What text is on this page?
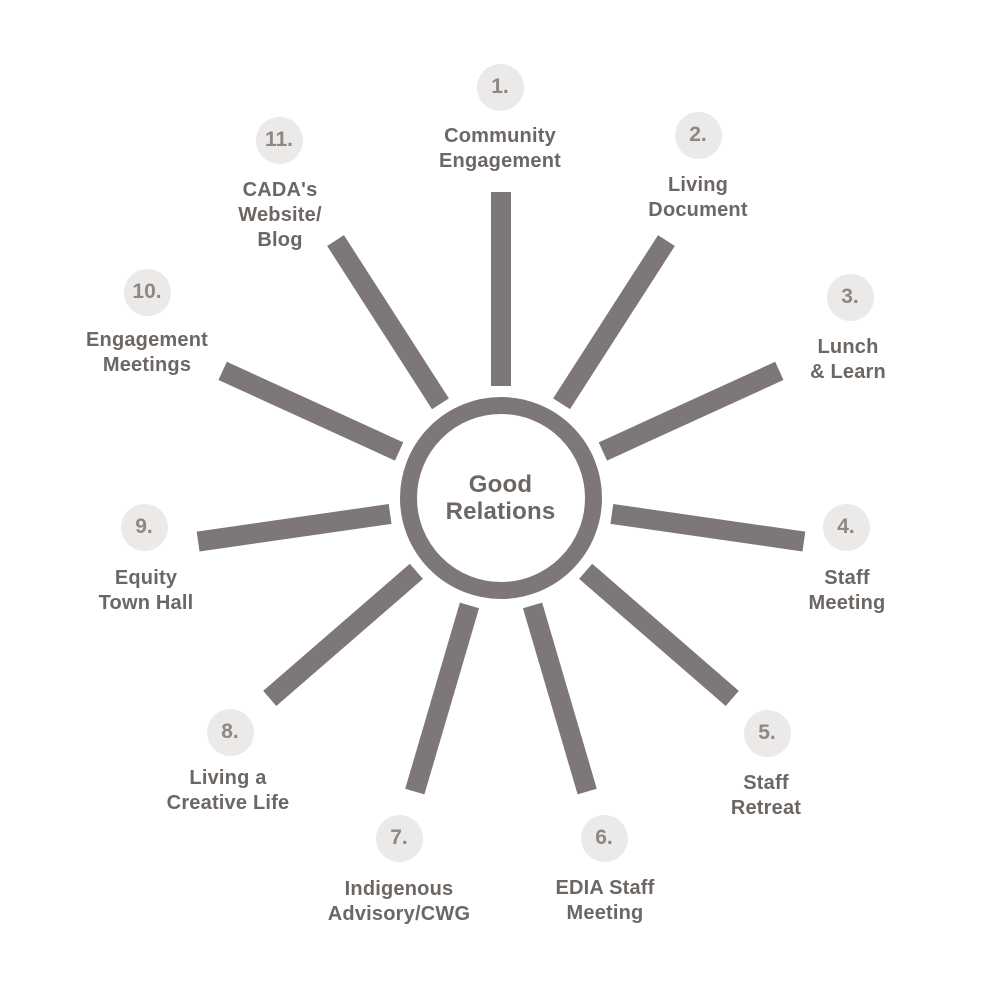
Good
Relations
1.
Community
Engagement
2.
Living
Document
3.
Lunch
& Learn
4.
Staff
Meeting
5.
Staff
Retreat
6.
EDIA Staff
Meeting
7.
Indigenous
Advisory/CWG
8.
Living a
Creative Life
9.
Equity
Town Hall
10.
Engagement
Meetings
11.
CADA's
Website/
Blog
